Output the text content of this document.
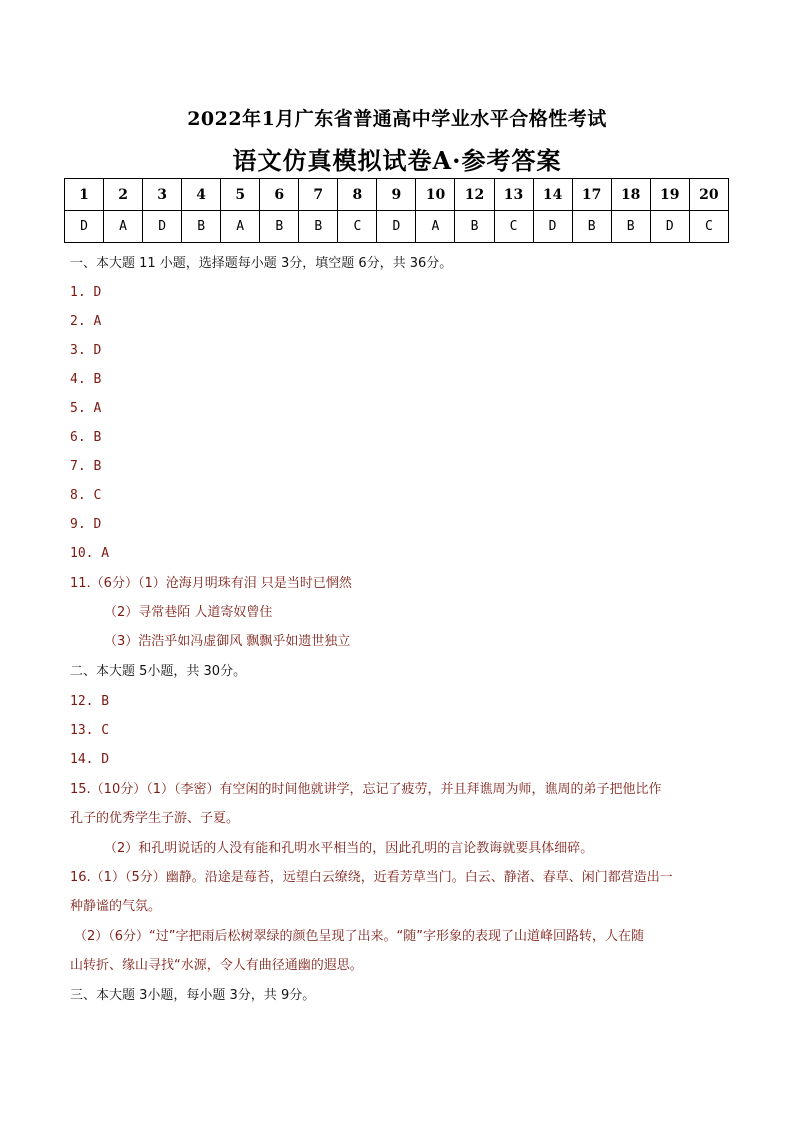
2022年1月广东省普通高中学业水平合格性考试
语文仿真模拟试卷A·参考答案
1	2	3	4	5	6	7	8	9	10	12	13	14	17	18	19	20
D	A	D	B	A	B	B	C	D	A	B	C	D	B	B	D	C
一、本大题 11 小题，选择题每小题 3分，填空题 6分，共 36分。
1. D
2. A
3. D
4. B
5. A
6. B
7. B
8. C
9. D
10. A
11.（6分）（1）沧海月明珠有泪 只是当时已惘然
（2）寻常巷陌 人道寄奴曾住
（3）浩浩乎如冯虚御风 飘飘乎如遗世独立
二、本大题 5小题，共 30分。
12. B
13. C
14. D
15.（10分）（1）（李密）有空闲的时间他就讲学，忘记了疲劳，并且拜谯周为师，谯周的弟子把他比作
孔子的优秀学生子游、子夏。
（2）和孔明说话的人没有能和孔明水平相当的，因此孔明的言论教诲就要具体细碎。
16.（1）（5分）幽静。沿途是莓苔，远望白云缭绕，近看芳草当门。白云、静渚、春草、闲门都营造出一
种静谧的气氛。
（2）（6分）“过”字把雨后松树翠绿的颜色呈现了出来。“随”字形象的表现了山道峰回路转，人在随
山转折、缘山寻找“水源，令人有曲径通幽的遐思。
三、本大题 3小题，每小题 3分，共 9分。
